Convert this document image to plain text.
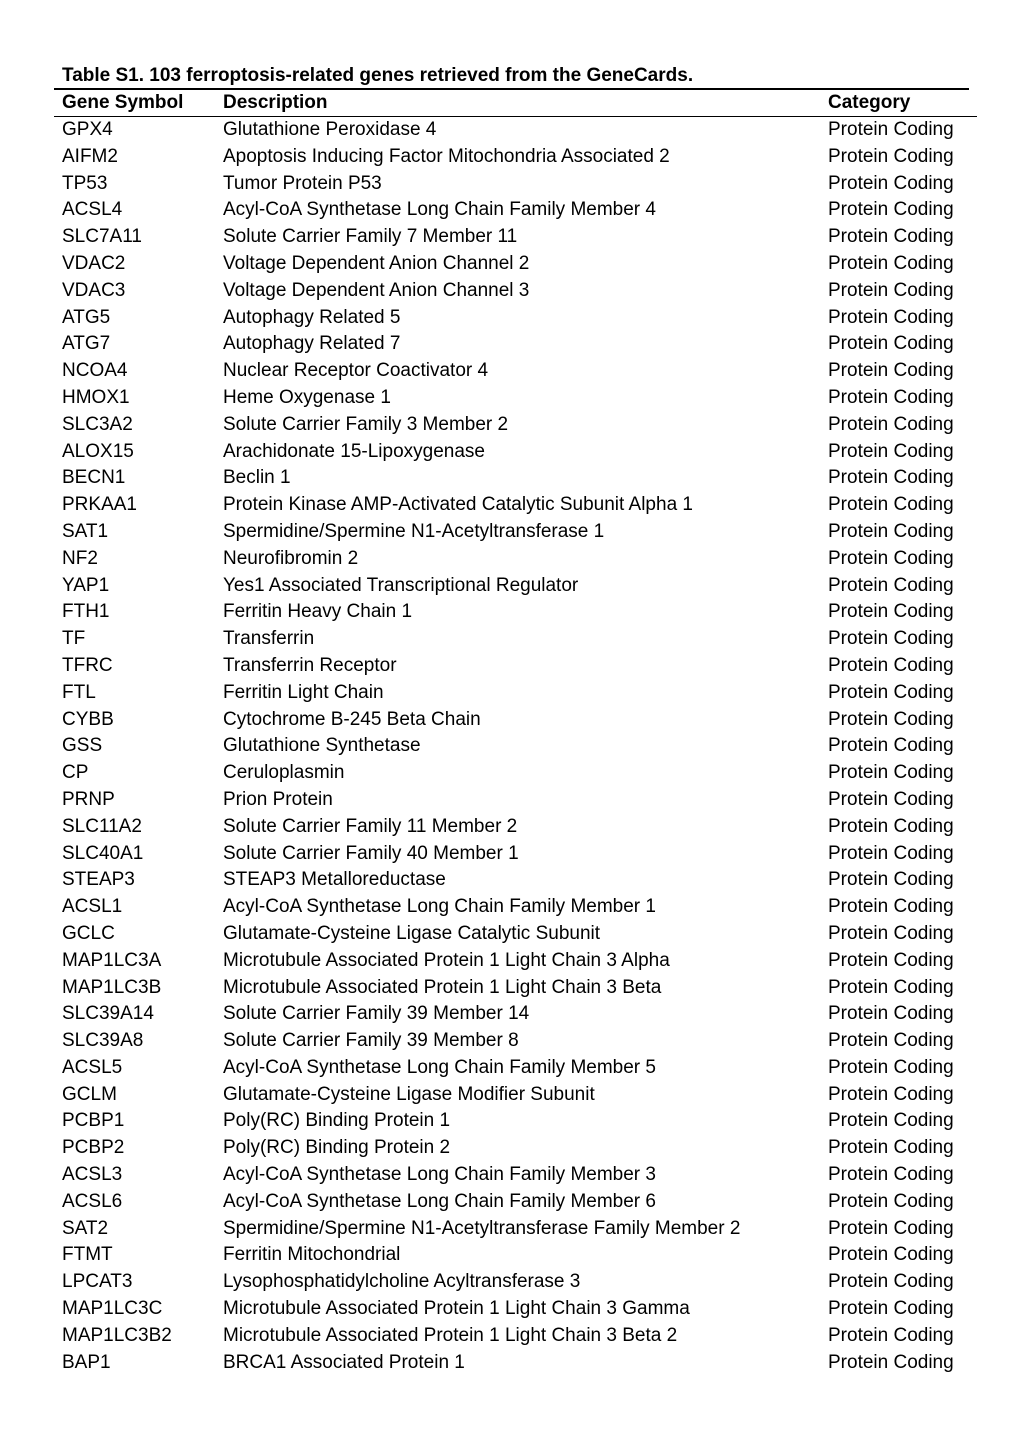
Table S1. 103 ferroptosis-related genes retrieved from the GeneCards.
Gene Symbol	Description	Category
GPX4	Glutathione Peroxidase 4	Protein Coding
AIFM2	Apoptosis Inducing Factor Mitochondria Associated 2	Protein Coding
TP53	Tumor Protein P53	Protein Coding
ACSL4	Acyl-CoA Synthetase Long Chain Family Member 4	Protein Coding
SLC7A11	Solute Carrier Family 7 Member 11	Protein Coding
VDAC2	Voltage Dependent Anion Channel 2	Protein Coding
VDAC3	Voltage Dependent Anion Channel 3	Protein Coding
ATG5	Autophagy Related 5	Protein Coding
ATG7	Autophagy Related 7	Protein Coding
NCOA4	Nuclear Receptor Coactivator 4	Protein Coding
HMOX1	Heme Oxygenase 1	Protein Coding
SLC3A2	Solute Carrier Family 3 Member 2	Protein Coding
ALOX15	Arachidonate 15-Lipoxygenase	Protein Coding
BECN1	Beclin 1	Protein Coding
PRKAA1	Protein Kinase AMP-Activated Catalytic Subunit Alpha 1	Protein Coding
SAT1	Spermidine/Spermine N1-Acetyltransferase 1	Protein Coding
NF2	Neurofibromin 2	Protein Coding
YAP1	Yes1 Associated Transcriptional Regulator	Protein Coding
FTH1	Ferritin Heavy Chain 1	Protein Coding
TF	Transferrin	Protein Coding
TFRC	Transferrin Receptor	Protein Coding
FTL	Ferritin Light Chain	Protein Coding
CYBB	Cytochrome B-245 Beta Chain	Protein Coding
GSS	Glutathione Synthetase	Protein Coding
CP	Ceruloplasmin	Protein Coding
PRNP	Prion Protein	Protein Coding
SLC11A2	Solute Carrier Family 11 Member 2	Protein Coding
SLC40A1	Solute Carrier Family 40 Member 1	Protein Coding
STEAP3	STEAP3 Metalloreductase	Protein Coding
ACSL1	Acyl-CoA Synthetase Long Chain Family Member 1	Protein Coding
GCLC	Glutamate-Cysteine Ligase Catalytic Subunit	Protein Coding
MAP1LC3A	Microtubule Associated Protein 1 Light Chain 3 Alpha	Protein Coding
MAP1LC3B	Microtubule Associated Protein 1 Light Chain 3 Beta	Protein Coding
SLC39A14	Solute Carrier Family 39 Member 14	Protein Coding
SLC39A8	Solute Carrier Family 39 Member 8	Protein Coding
ACSL5	Acyl-CoA Synthetase Long Chain Family Member 5	Protein Coding
GCLM	Glutamate-Cysteine Ligase Modifier Subunit	Protein Coding
PCBP1	Poly(RC) Binding Protein 1	Protein Coding
PCBP2	Poly(RC) Binding Protein 2	Protein Coding
ACSL3	Acyl-CoA Synthetase Long Chain Family Member 3	Protein Coding
ACSL6	Acyl-CoA Synthetase Long Chain Family Member 6	Protein Coding
SAT2	Spermidine/Spermine N1-Acetyltransferase Family Member 2	Protein Coding
FTMT	Ferritin Mitochondrial	Protein Coding
LPCAT3	Lysophosphatidylcholine Acyltransferase 3	Protein Coding
MAP1LC3C	Microtubule Associated Protein 1 Light Chain 3 Gamma	Protein Coding
MAP1LC3B2	Microtubule Associated Protein 1 Light Chain 3 Beta 2	Protein Coding
BAP1	BRCA1 Associated Protein 1	Protein Coding
